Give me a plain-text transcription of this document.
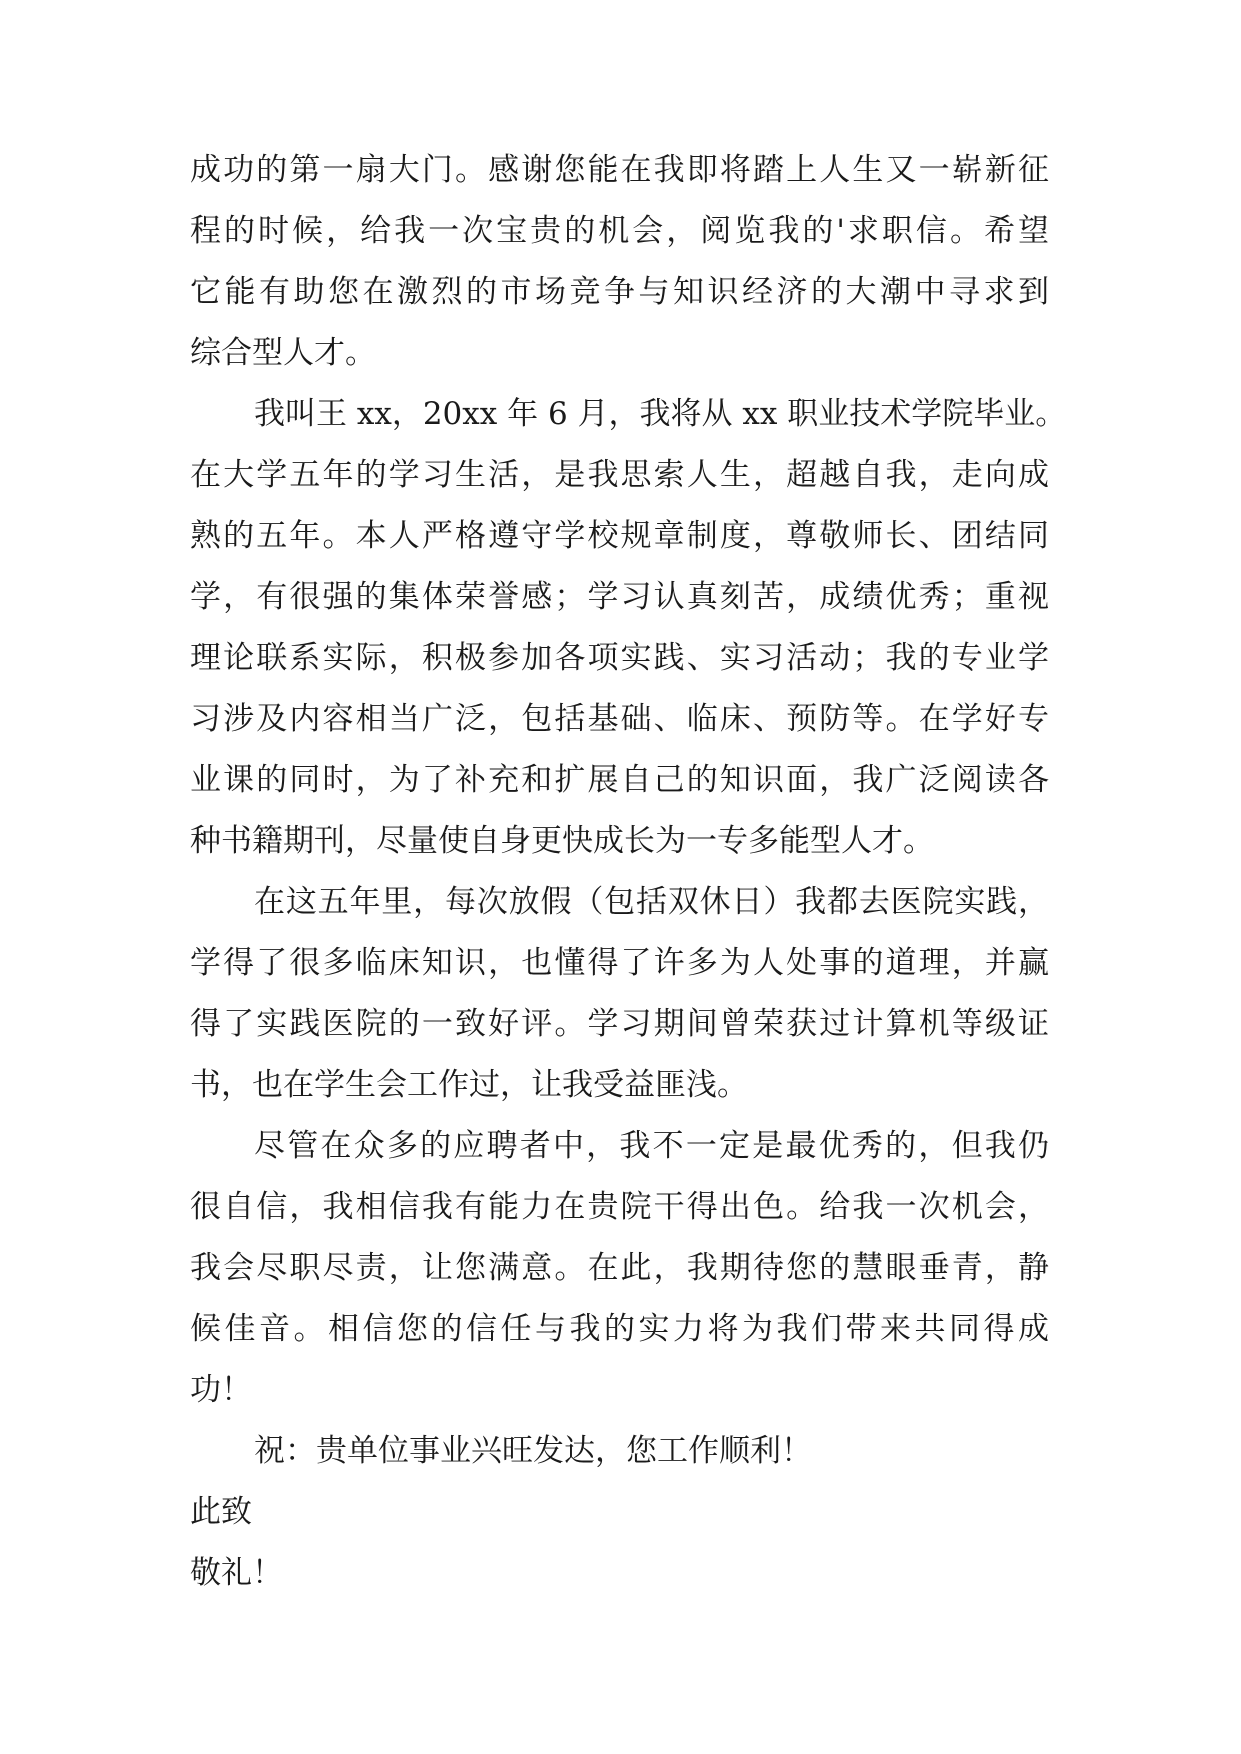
成功的第一扇大门。感谢您能在我即将踏上人生又一崭新征
程的时候，给我一次宝贵的机会，阅览我的'求职信。希望
它能有助您在激烈的市场竞争与知识经济的大潮中寻求到
综合型人才。
我叫王 xx，20xx 年 6 月，我将从 xx 职业技术学院毕业。
在大学五年的学习生活，是我思索人生，超越自我，走向成
熟的五年。本人严格遵守学校规章制度，尊敬师长、团结同
学，有很强的集体荣誉感；学习认真刻苦，成绩优秀；重视
理论联系实际，积极参加各项实践、实习活动；我的专业学
习涉及内容相当广泛，包括基础、临床、预防等。在学好专
业课的同时，为了补充和扩展自己的知识面，我广泛阅读各
种书籍期刊，尽量使自身更快成长为一专多能型人才。
在这五年里，每次放假（包括双休日）我都去医院实践，
学得了很多临床知识，也懂得了许多为人处事的道理，并赢
得了实践医院的一致好评。学习期间曾荣获过计算机等级证
书，也在学生会工作过，让我受益匪浅。
尽管在众多的应聘者中，我不一定是最优秀的，但我仍
很自信，我相信我有能力在贵院干得出色。给我一次机会，
我会尽职尽责，让您满意。在此，我期待您的慧眼垂青，静
候佳音。相信您的信任与我的实力将为我们带来共同得成
功！
祝：贵单位事业兴旺发达，您工作顺利！
此致
敬礼！
